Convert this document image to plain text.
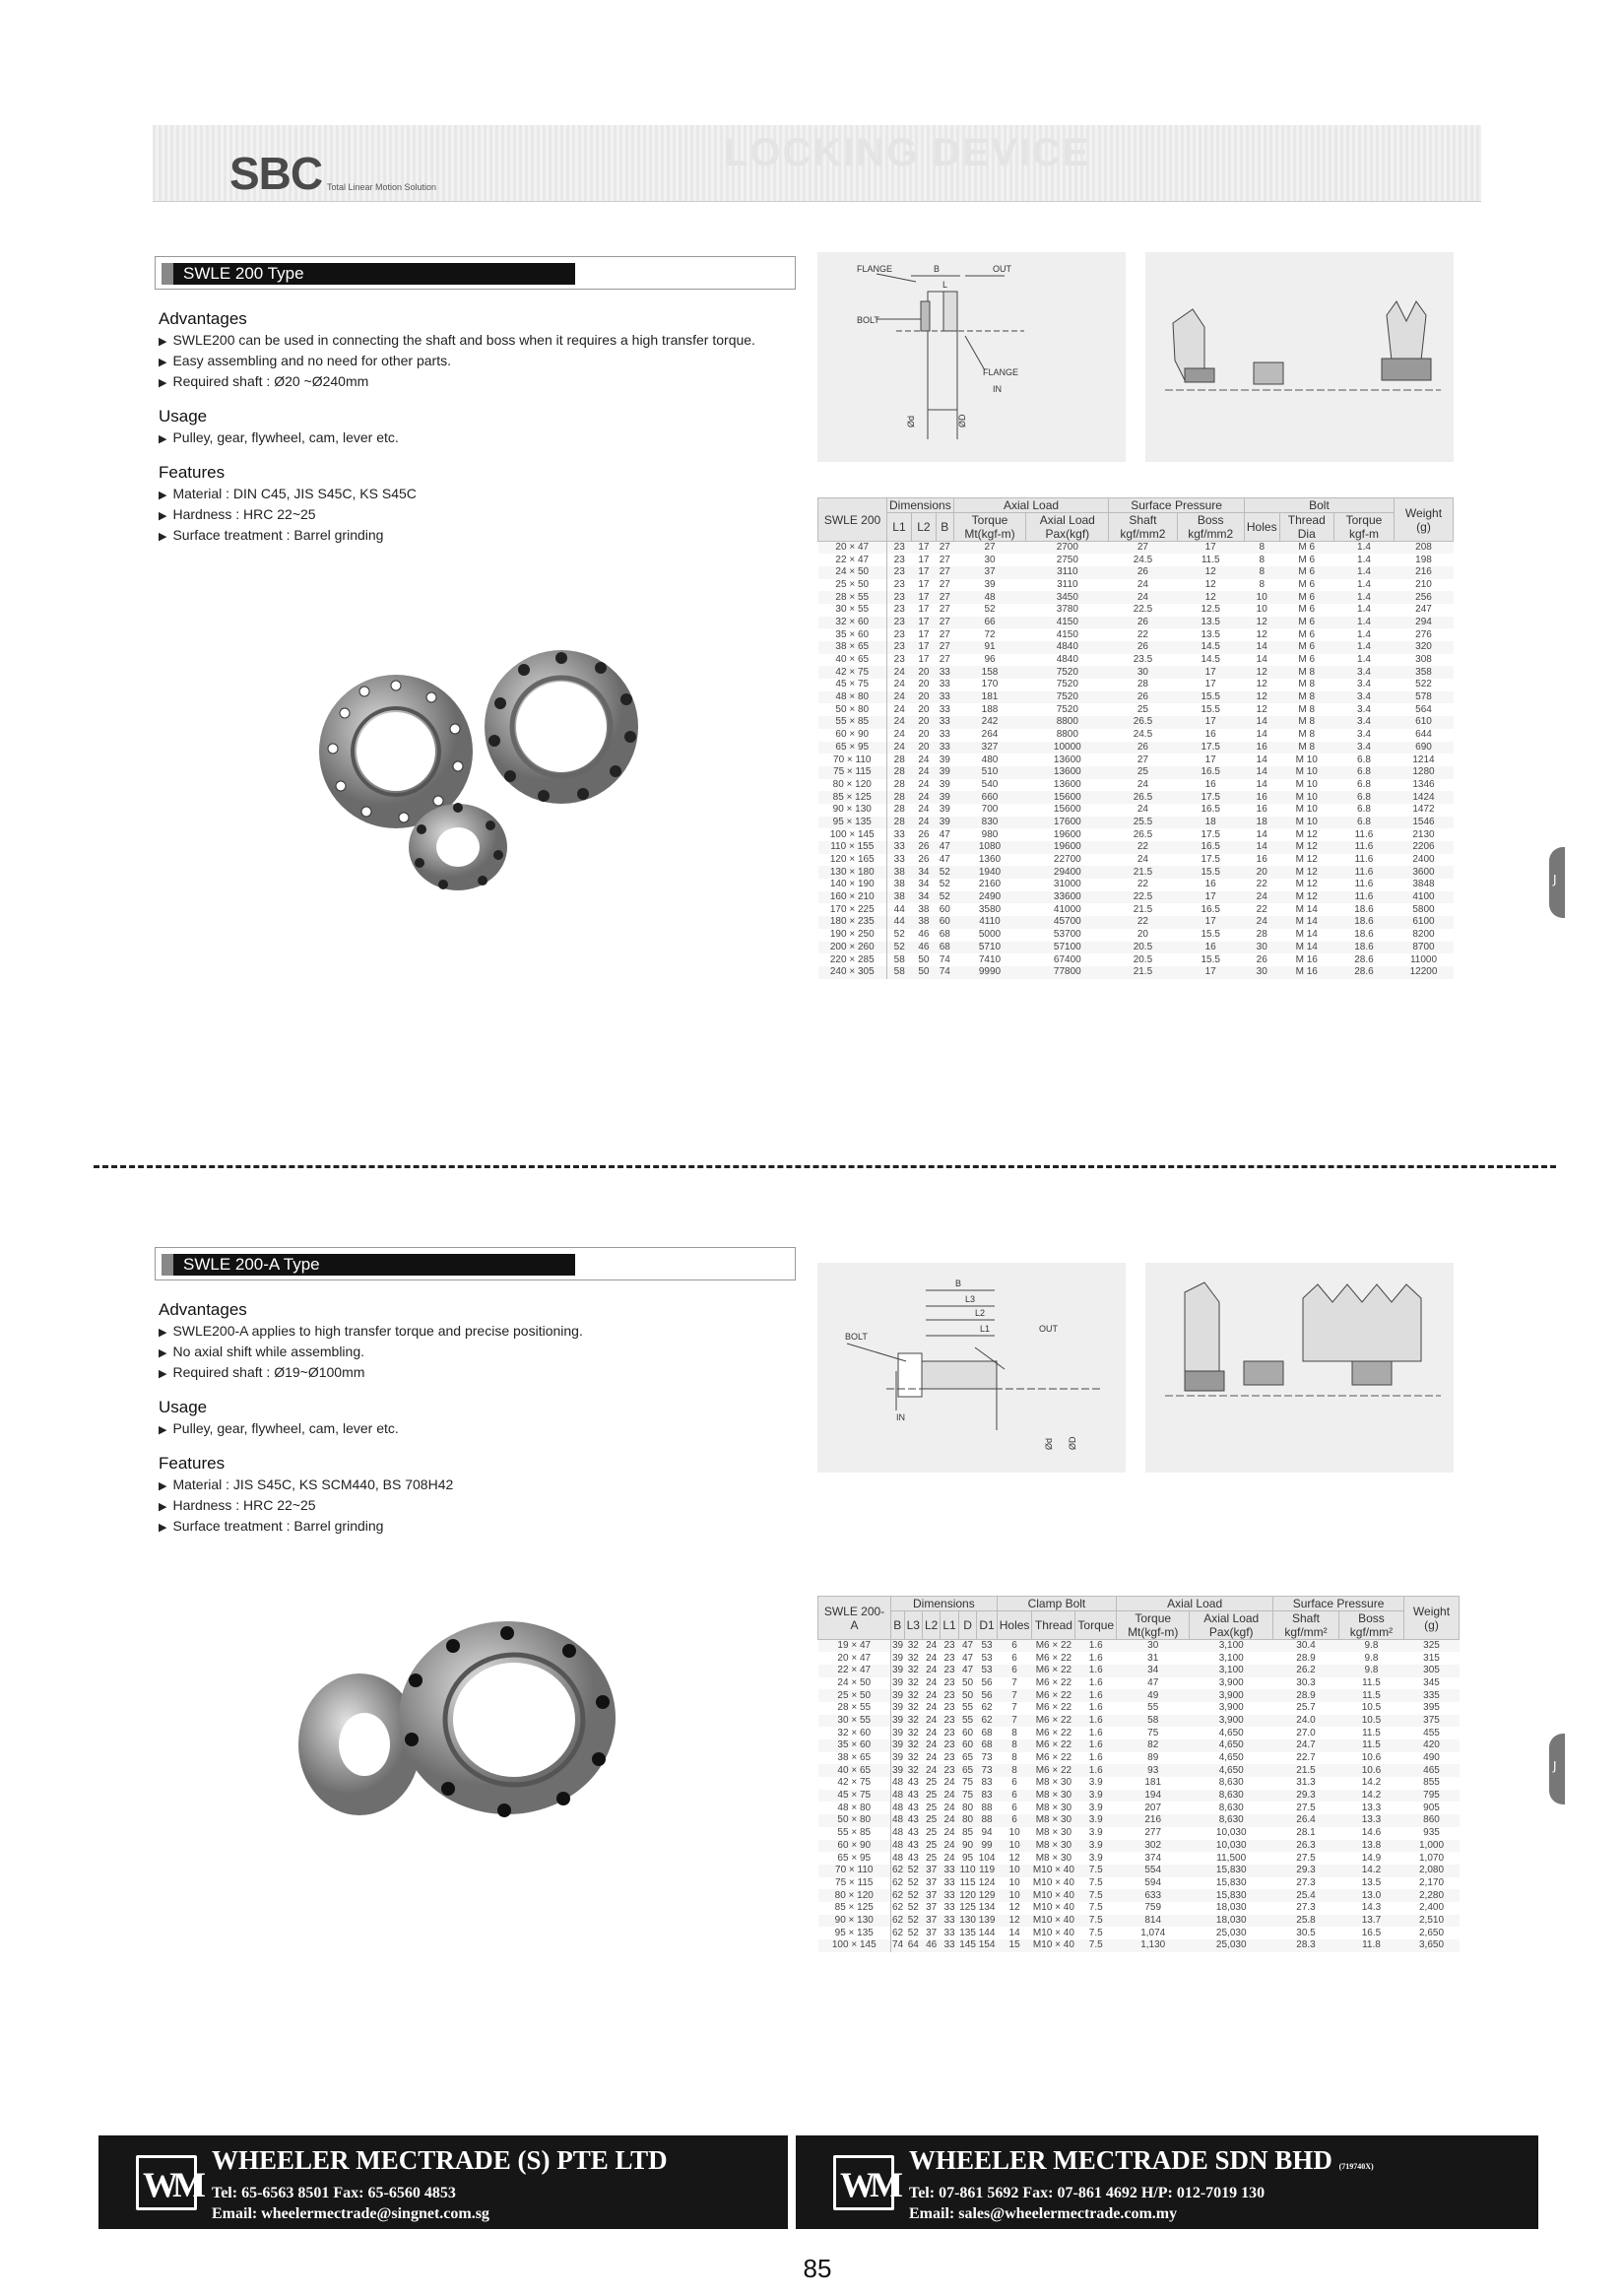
LOCKING DEVICE
SBC Total Linear Motion Solution
SWLE 200 Type
Advantages
▶ SWLE200 can be used in connecting the shaft and boss when it requires a high transfer torque.
▶ Easy assembling and no need for other parts.
▶ Required shaft : Ø20 ~Ø240mm
Usage
▶ Pulley, gear, flywheel, cam, lever etc.
Features
▶ Material : DIN C45, JIS S45C, KS S45C
▶ Hardness : HRC 22~25
▶ Surface treatment : Barrel grinding
FLANGE	B	OUT
L
BOLT
FLANGE
IN
Ød	ØD
SWLE 200	Dimensions			Axial Load		Surface Pressure		Bolt			Weight (g)
	L1	L2	B	Torque Mt(kgf-m)	Axial Load Pax(kgf)	Shaft kgf/mm2	Boss kgf/mm2	Holes	Thread Dia	Torque kgf-m	
20 × 47	23	17	27	27	2700	27	17	8	M 6	1.4	208
22 × 47	23	17	27	30	2750	24.5	11.5	8	M 6	1.4	198
24 × 50	23	17	27	37	3110	26	12	8	M 6	1.4	216
25 × 50	23	17	27	39	3110	24	12	8	M 6	1.4	210
28 × 55	23	17	27	48	3450	24	12	10	M 6	1.4	256
30 × 55	23	17	27	52	3780	22.5	12.5	10	M 6	1.4	247
32 × 60	23	17	27	66	4150	26	13.5	12	M 6	1.4	294
35 × 60	23	17	27	72	4150	22	13.5	12	M 6	1.4	276
38 × 65	23	17	27	91	4840	26	14.5	14	M 6	1.4	320
40 × 65	23	17	27	96	4840	23.5	14.5	14	M 6	1.4	308
42 × 75	24	20	33	158	7520	30	17	12	M 8	3.4	358
45 × 75	24	20	33	170	7520	28	17	12	M 8	3.4	522
48 × 80	24	20	33	181	7520	26	15.5	12	M 8	3.4	578
50 × 80	24	20	33	188	7520	25	15.5	12	M 8	3.4	564
55 × 85	24	20	33	242	8800	26.5	17	14	M 8	3.4	610
60 × 90	24	20	33	264	8800	24.5	16	14	M 8	3.4	644
65 × 95	24	20	33	327	10000	26	17.5	16	M 8	3.4	690
70 × 110	28	24	39	480	13600	27	17	14	M 10	6.8	1214
75 × 115	28	24	39	510	13600	25	16.5	14	M 10	6.8	1280
80 × 120	28	24	39	540	13600	24	16	14	M 10	6.8	1346
85 × 125	28	24	39	660	15600	26.5	17.5	16	M 10	6.8	1424
90 × 130	28	24	39	700	15600	24	16.5	16	M 10	6.8	1472
95 × 135	28	24	39	830	17600	25.5	18	18	M 10	6.8	1546
100 × 145	33	26	47	980	19600	26.5	17.5	14	M 12	11.6	2130
110 × 155	33	26	47	1080	19600	22	16.5	14	M 12	11.6	2206
120 × 165	33	26	47	1360	22700	24	17.5	16	M 12	11.6	2400
130 × 180	38	34	52	1940	29400	21.5	15.5	20	M 12	11.6	3600
140 × 190	38	34	52	2160	31000	22	16	22	M 12	11.6	3848
160 × 210	38	34	52	2490	33600	22.5	17	24	M 12	11.6	4100
170 × 225	44	38	60	3580	41000	21.5	16.5	22	M 14	18.6	5800
180 × 235	44	38	60	4110	45700	22	17	24	M 14	18.6	6100
190 × 250	52	46	68	5000	53700	20	15.5	28	M 14	18.6	8200
200 × 260	52	46	68	5710	57100	20.5	16	30	M 14	18.6	8700
220 × 285	58	50	74	7410	67400	20.5	15.5	26	M 16	28.6	11000
240 × 305	58	50	74	9990	77800	21.5	17	30	M 16	28.6	12200
J
SWLE 200-A Type
Advantages
▶ SWLE200-A applies to high transfer torque and precise positioning.
▶ No axial shift while assembling.
▶ Required shaft : Ø19~Ø100mm
Usage
▶ Pulley, gear, flywheel, cam, lever etc.
Features
▶ Material : JIS S45C, KS SCM440, BS 708H42
▶ Hardness : HRC 22~25
▶ Surface treatment : Barrel grinding
B
L3
L2
L1
BOLT
OUT
IN
Ød ØD
SWLE 200-A	Dimensions						Clamp Bolt			Axial Load		Surface Pressure		Weight (g)
	B	L3	L2	L1	D	D1	Holes	Thread	Torque	Torque Mt(kgf-m)	Axial Load Pax(kgf)	Shaft kgf/mm²	Boss kgf/mm²	
19 × 47	39	32	24	23	47	53	6	M6 × 22	1.6	30	3,100	30.4	9.8	325
20 × 47	39	32	24	23	47	53	6	M6 × 22	1.6	31	3,100	28.9	9.8	315
22 × 47	39	32	24	23	47	53	6	M6 × 22	1.6	34	3,100	26.2	9.8	305
24 × 50	39	32	24	23	50	56	7	M6 × 22	1.6	47	3,900	30.3	11.5	345
25 × 50	39	32	24	23	50	56	7	M6 × 22	1.6	49	3,900	28.9	11.5	335
28 × 55	39	32	24	23	55	62	7	M6 × 22	1.6	55	3,900	25.7	10.5	395
30 × 55	39	32	24	23	55	62	7	M6 × 22	1.6	58	3,900	24.0	10.5	375
32 × 60	39	32	24	23	60	68	8	M6 × 22	1.6	75	4,650	27.0	11.5	455
35 × 60	39	32	24	23	60	68	8	M6 × 22	1.6	82	4,650	24.7	11.5	420
38 × 65	39	32	24	23	65	73	8	M6 × 22	1.6	89	4,650	22.7	10.6	490
40 × 65	39	32	24	23	65	73	8	M6 × 22	1.6	93	4,650	21.5	10.6	465
42 × 75	48	43	25	24	75	83	6	M8 × 30	3.9	181	8,630	31.3	14.2	855
45 × 75	48	43	25	24	75	83	6	M8 × 30	3.9	194	8,630	29.3	14.2	795
48 × 80	48	43	25	24	80	88	6	M8 × 30	3.9	207	8,630	27.5	13.3	905
50 × 80	48	43	25	24	80	88	6	M8 × 30	3.9	216	8,630	26.4	13.3	860
55 × 85	48	43	25	24	85	94	10	M8 × 30	3.9	277	10,030	28.1	14.6	935
60 × 90	48	43	25	24	90	99	10	M8 × 30	3.9	302	10,030	26.3	13.8	1,000
65 × 95	48	43	25	24	95	104	12	M8 × 30	3.9	374	11,500	27.5	14.9	1,070
70 × 110	62	52	37	33	110	119	10	M10 × 40	7.5	554	15,830	29.3	14.2	2,080
75 × 115	62	52	37	33	115	124	10	M10 × 40	7.5	594	15,830	27.3	13.5	2,170
80 × 120	62	52	37	33	120	129	10	M10 × 40	7.5	633	15,830	25.4	13.0	2,280
85 × 125	62	52	37	33	125	134	12	M10 × 40	7.5	759	18,030	27.3	14.3	2,400
90 × 130	62	52	37	33	130	139	12	M10 × 40	7.5	814	18,030	25.8	13.7	2,510
95 × 135	62	52	37	33	135	144	14	M10 × 40	7.5	1,074	25,030	30.5	16.5	2,650
100 × 145	74	64	46	33	145	154	15	M10 × 40	7.5	1,130	25,030	28.3	11.8	3,650
J
WM
WHEELER MECTRADE (S) PTE LTD
Tel: 65-6563 8501 Fax: 65-6560 4853
Email: wheelermectrade@singnet.com.sg
WM
WHEELER MECTRADE SDN BHD (719740X)
Tel: 07-861 5692 Fax: 07-861 4692 H/P: 012-7019 130
Email: sales@wheelermectrade.com.my
85
